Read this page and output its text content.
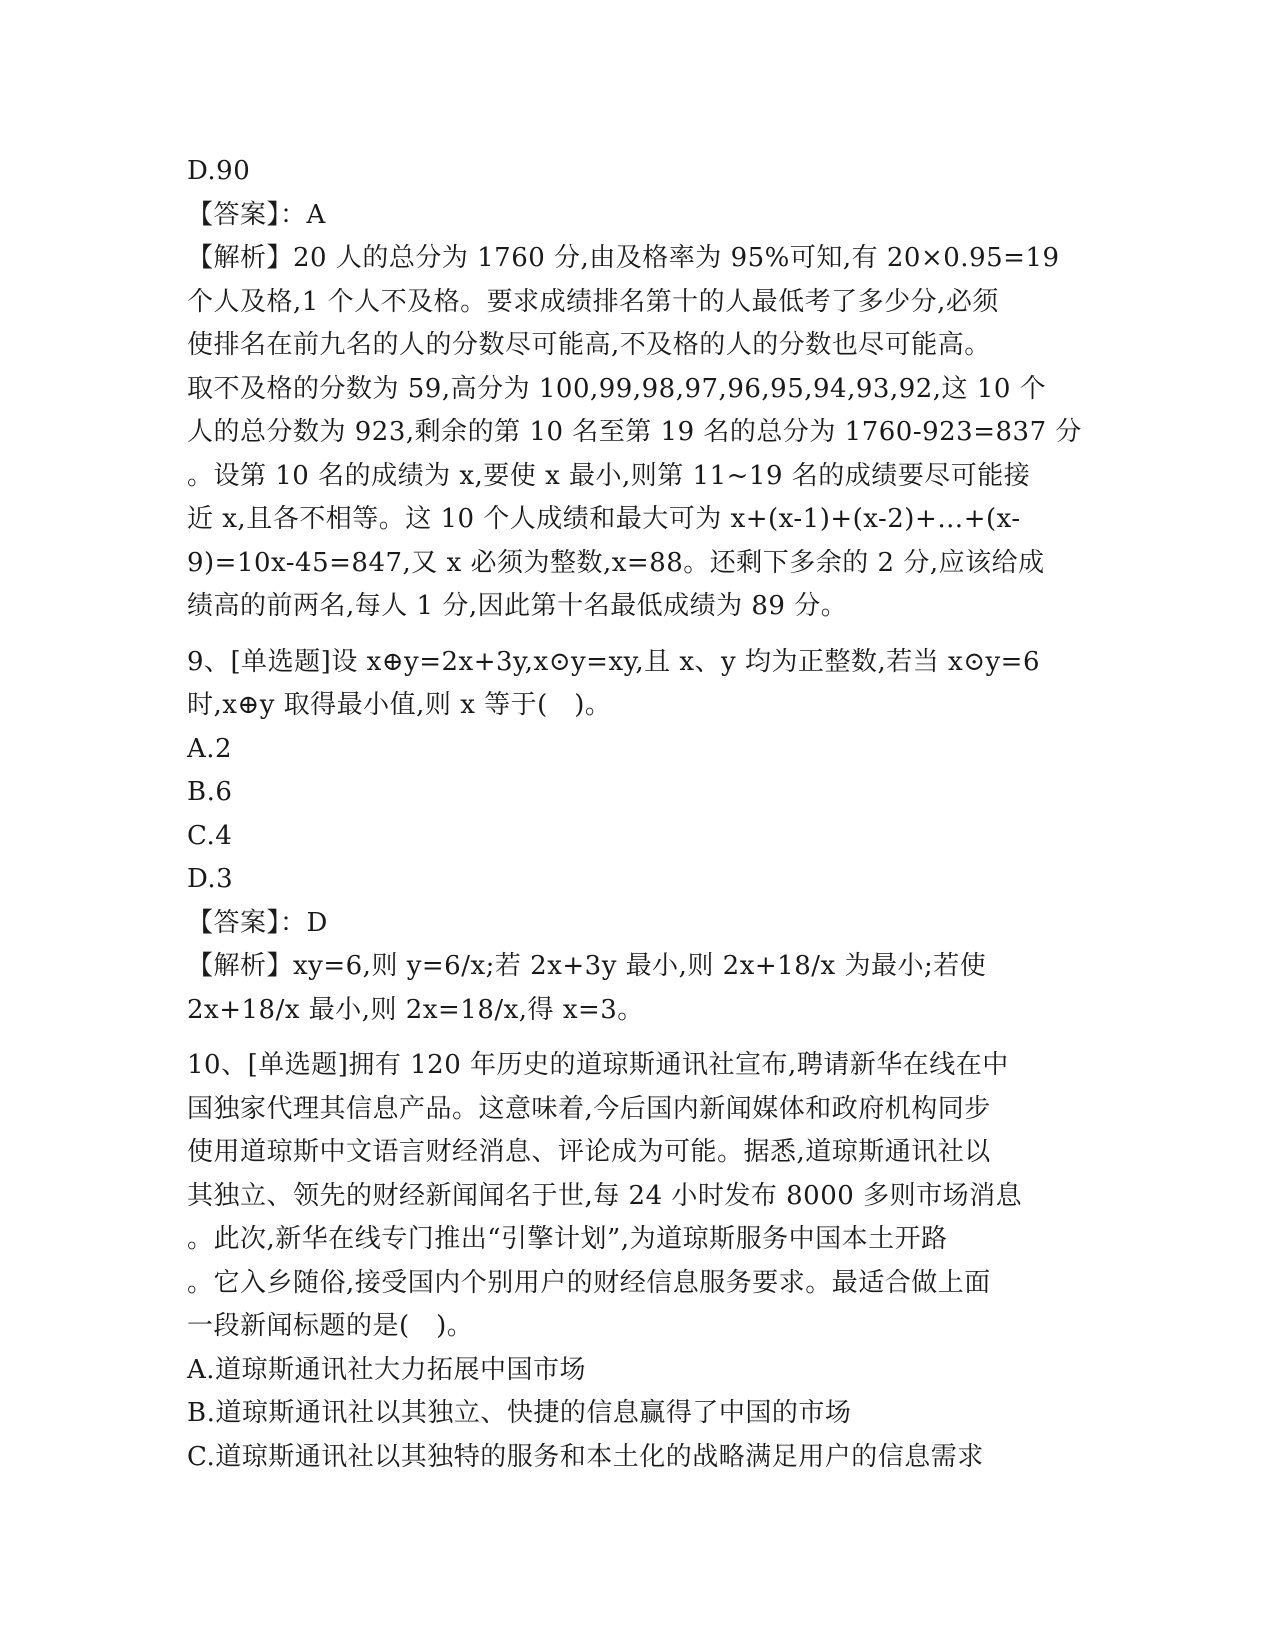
D.90
【答案】：A
【解析】20 人的总分为 1760 分,由及格率为 95%可知,有 20×0.95=19
个人及格,1 个人不及格。要求成绩排名第十的人最低考了多少分,必须
使排名在前九名的人的分数尽可能高,不及格的人的分数也尽可能高。
取不及格的分数为 59,高分为 100,99,98,97,96,95,94,93,92,这 10 个
人的总分数为 923,剩余的第 10 名至第 19 名的总分为 1760-923=837 分
。设第 10 名的成绩为 x,要使 x 最小,则第 11~19 名的成绩要尽可能接
近 x,且各不相等。这 10 个人成绩和最大可为 x+(x-1)+(x-2)+…+(x-
9)=10x-45=847,又 x 必须为整数,x=88。还剩下多余的 2 分,应该给成
绩高的前两名,每人 1 分,因此第十名最低成绩为 89 分。
9、[单选题]设 x⊕y=2x+3y,x⊙y=xy,且 x、y 均为正整数,若当 x⊙y=6
时,x⊕y 取得最小值,则 x 等于(　)。
A.2
B.6
C.4
D.3
【答案】：D
【解析】xy=6,则 y=6/x;若 2x+3y 最小,则 2x+18/x 为最小;若使
2x+18/x 最小,则 2x=18/x,得 x=3。
10、[单选题]拥有 120 年历史的道琼斯通讯社宣布,聘请新华在线在中
国独家代理其信息产品。这意味着,今后国内新闻媒体和政府机构同步
使用道琼斯中文语言财经消息、评论成为可能。据悉,道琼斯通讯社以
其独立、领先的财经新闻闻名于世,每 24 小时发布 8000 多则市场消息
。此次,新华在线专门推出“引擎计划”,为道琼斯服务中国本土开路
。它入乡随俗,接受国内个别用户的财经信息服务要求。最适合做上面
一段新闻标题的是(　)。
A.道琼斯通讯社大力拓展中国市场
B.道琼斯通讯社以其独立、快捷的信息赢得了中国的市场
C.道琼斯通讯社以其独特的服务和本土化的战略满足用户的信息需求
